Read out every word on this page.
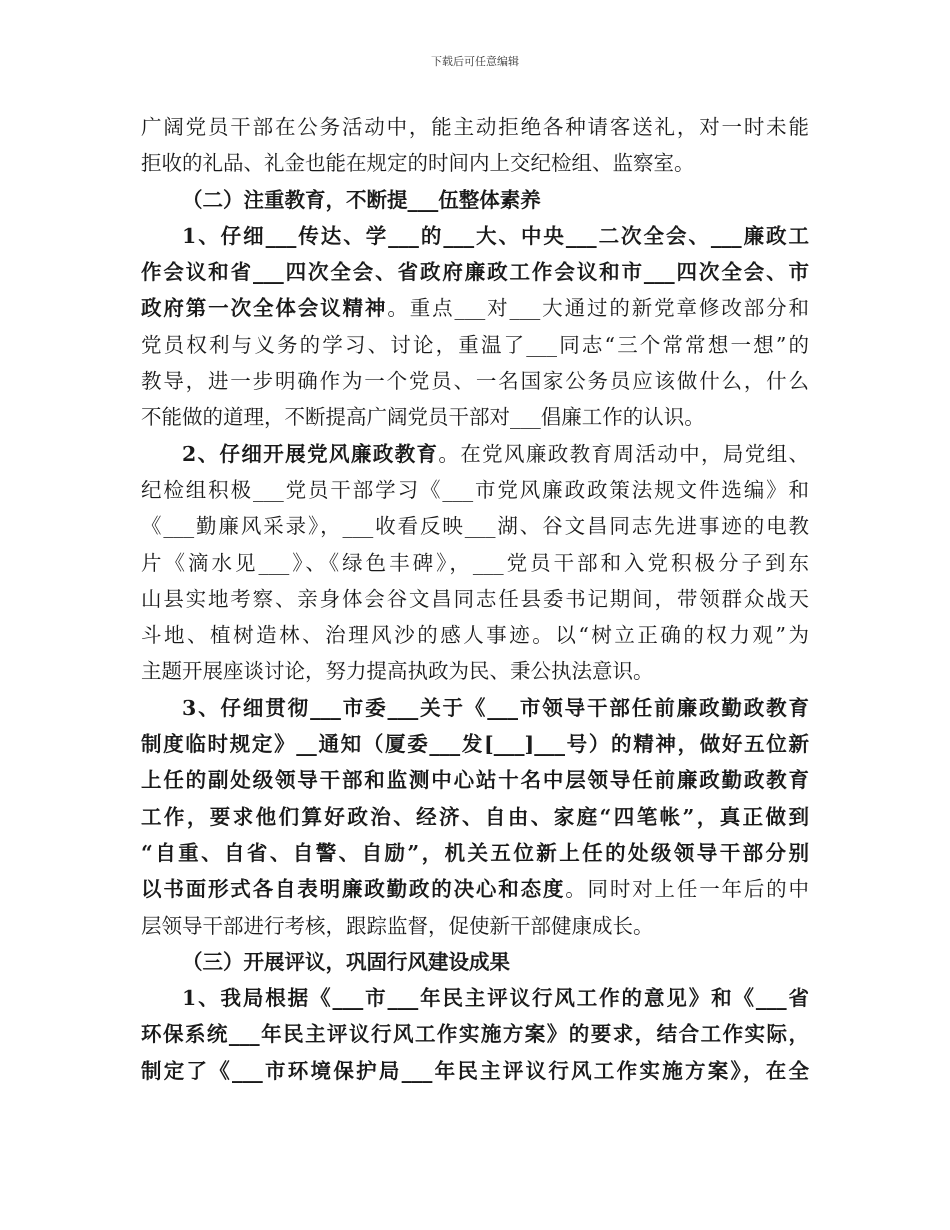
下载后可任意编辑
广阔党员干部在公务活动中，能主动拒绝各种请客送礼，对一时未能
拒收的礼品、礼金也能在规定的时间内上交纪检组、监察室。
（二）注重教育，不断提___伍整体素养
1、仔细___传达、学___的___大、中央___二次全会、___廉政工
作会议和省___四次全会、省政府廉政工作会议和市___四次全会、市
政府第一次全体会议精神。重点___对___大通过的新党章修改部分和
党员权利与义务的学习、讨论，重温了___同志“三个常常想一想”的
教导，进一步明确作为一个党员、一名国家公务员应该做什么，什么
不能做的道理，不断提高广阔党员干部对___倡廉工作的认识。
2、仔细开展党风廉政教育。在党风廉政教育周活动中，局党组、
纪检组积极___党员干部学习《___市党风廉政政策法规文件选编》和
《___勤廉风采录》，___收看反映___湖、谷文昌同志先进事迹的电教
片《滴水见___》、《绿色丰碑》，___党员干部和入党积极分子到东
山县实地考察、亲身体会谷文昌同志任县委书记期间，带领群众战天
斗地、植树造林、治理风沙的感人事迹。以“树立正确的权力观”为
主题开展座谈讨论，努力提高执政为民、秉公执法意识。
3、仔细贯彻___市委___关于《___市领导干部任前廉政勤政教育
制度临时规定》__通知（厦委___发[___]___号）的精神，做好五位新
上任的副处级领导干部和监测中心站十名中层领导任前廉政勤政教育
工作，要求他们算好政治、经济、自由、家庭“四笔帐”，真正做到
“自重、自省、自警、自励”，机关五位新上任的处级领导干部分别
以书面形式各自表明廉政勤政的决心和态度。同时对上任一年后的中
层领导干部进行考核，跟踪监督，促使新干部健康成长。
（三）开展评议，巩固行风建设成果
1、我局根据《___市___年民主评议行风工作的意见》和《___省
环保系统___年民主评议行风工作实施方案》的要求，结合工作实际，
制定了《___市环境保护局___年民主评议行风工作实施方案》，在全
